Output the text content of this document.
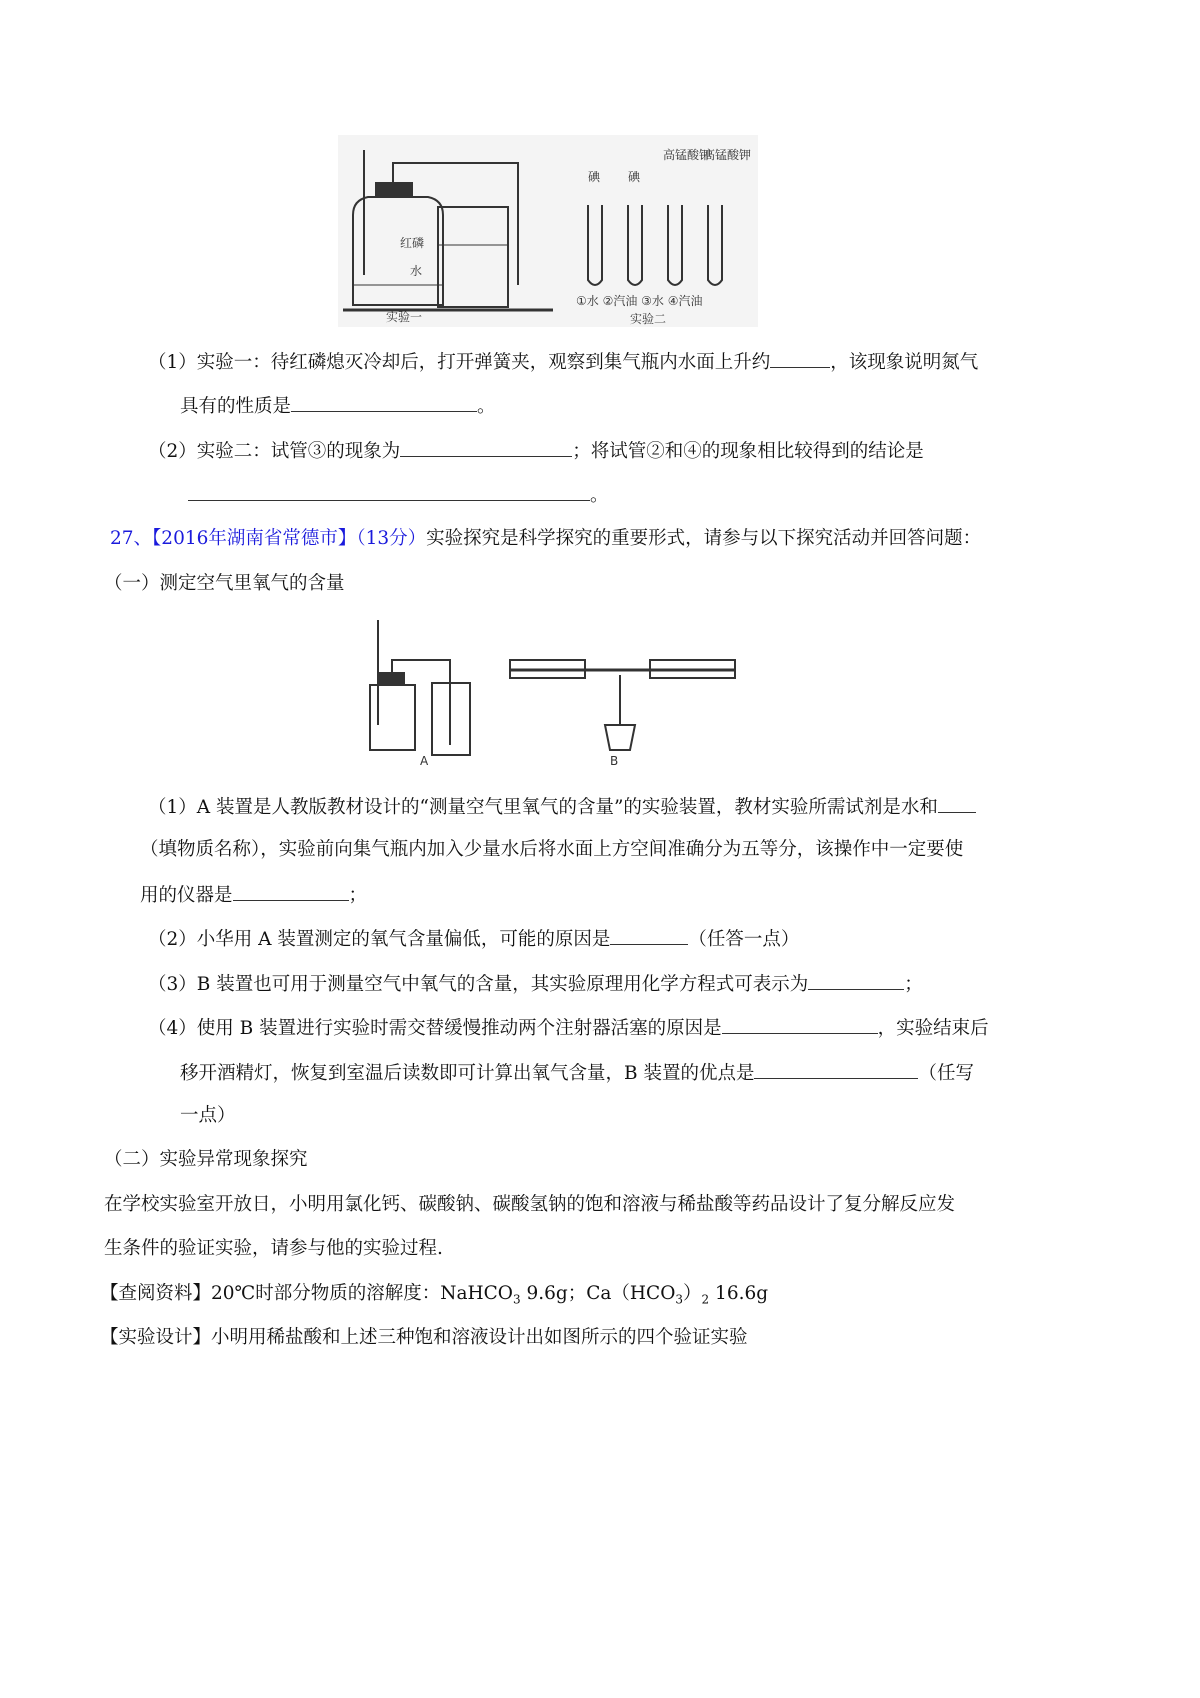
红磷
水
实验一
碘 碘
高锰酸钾
高锰酸钾
①水 ②汽油 ③水 ④汽油
实验二
（1）实验一：待红磷熄灭冷却后，打开弹簧夹，观察到集气瓶内水面上升约	，该现象说明氮气
具有的性质是	。
（2）实验二：试管③的现象为	；将试管②和④的现象相比较得到的结论是
。
27、【2016年湖南省常德市】（13分）实验探究是科学探究的重要形式，请参与以下探究活动并回答问题：
（一）测定空气里氧气的含量
A	B
（1）A 装置是人教版教材设计的“测量空气里氧气的含量”的实验装置，教材实验所需试剂是水和
（填物质名称），实验前向集气瓶内加入少量水后将水面上方空间准确分为五等分，该操作中一定要使
用的仪器是	；
（2）小华用 A 装置测定的氧气含量偏低，可能的原因是	（任答一点）
（3）B 装置也可用于测量空气中氧气的含量，其实验原理用化学方程式可表示为	；
（4）使用 B 装置进行实验时需交替缓慢推动两个注射器活塞的原因是	，实验结束后
移开酒精灯，恢复到室温后读数即可计算出氧气含量，B 装置的优点是	（任写
一点）
（二）实验异常现象探究
在学校实验室开放日，小明用氯化钙、碳酸钠、碳酸氢钠的饱和溶液与稀盐酸等药品设计了复分解反应发
生条件的验证实验，请参与他的实验过程.
【查阅资料】20℃时部分物质的溶解度：NaHCO$_3$ 9.6g；$Ca(HCO_3)_2$ 16.6g
【实验设计】小明用稀盐酸和上述三种饱和溶液设计出如图所示的四个验证实验
